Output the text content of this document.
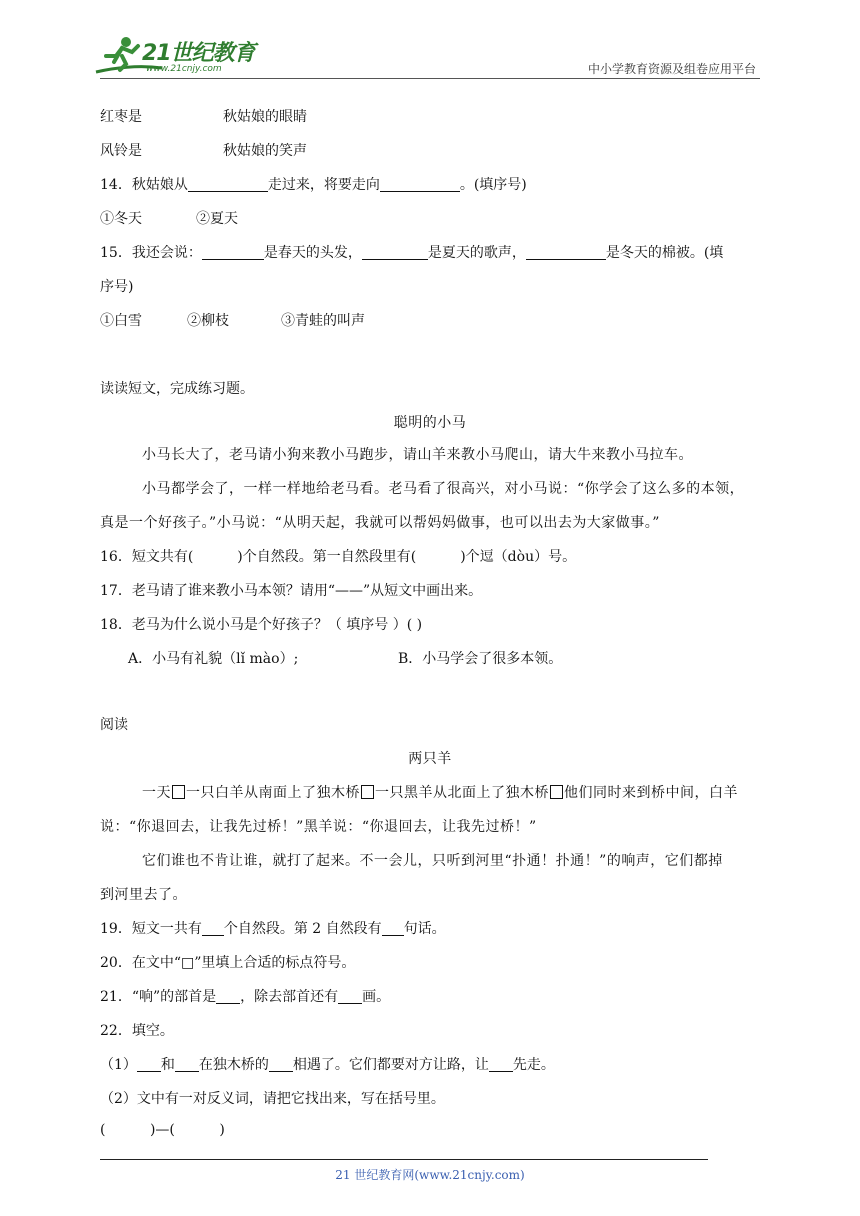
21世纪教育
www.21cnjy.com	中小学教育资源及组卷应用平台
红枣是	秋姑娘的眼睛
风铃是	秋姑娘的笑声
14．秋姑娘从	走过来，将要走向	。(填序号)
①冬天	②夏天
15．我还会说：	是春天的头发，	是夏天的歌声，	是冬天的棉被。(填
序号)
①白雪	②柳枝	③青蛙的叫声
读读短文，完成练习题。
聪明的小马
小马长大了，老马请小狗来教小马跑步，请山羊来教小马爬山，请大牛来教小马拉车。
小马都学会了，一样一样地给老马看。老马看了很高兴，对小马说：“你学会了这么多的本领，
真是一个好孩子。”小马说：“从明天起，我就可以帮妈妈做事，也可以出去为大家做事。”
16．短文共有(	)个自然段。第一自然段里有(	)个逗（dòu）号。
17．老马请了谁来教小马本领？请用“——”从短文中画出来。
18．老马为什么说小马是个好孩子？（ 填序号 ）( )
A．小马有礼貌（lǐ mào）;	B．小马学会了很多本领。
阅读
两只羊
一天 一只白羊从南面上了独木桥 一只黑羊从北面上了独木桥 他们同时来到桥中间，白羊
说：“你退回去，让我先过桥！”黑羊说：“你退回去，让我先过桥！”
它们谁也不肯让谁，就打了起来。不一会儿，只听到河里“扑通！扑通！”的响声，它们都掉
到河里去了。
19．短文一共有 个自然段。第 2 自然段有 句话。
20．在文中“□”里填上合适的标点符号。
21．“响”的部首是 ，除去部首还有 画。
22．填空。
（1） 和 在独木桥的 相遇了。它们都要对方让路，让 先走。
（2）文中有一对反义词，请把它找出来，写在括号里。
(          )—(          )
21 世纪教育网(www.21cnjy.com)
